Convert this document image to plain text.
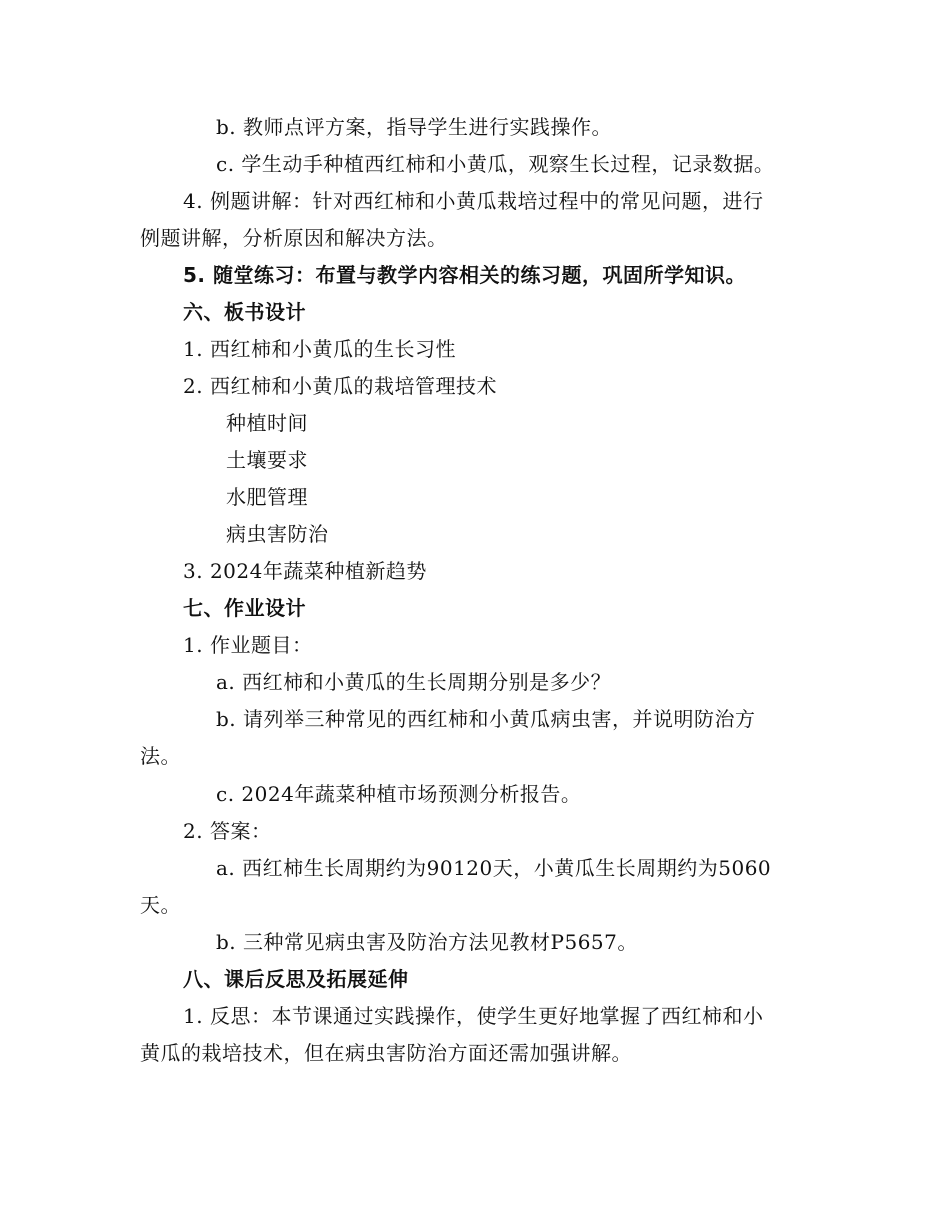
b. 教师点评方案，指导学生进行实践操作。
c. 学生动手种植西红柿和小黄瓜，观察生长过程，记录数据。
4. 例题讲解：针对西红柿和小黄瓜栽培过程中的常见问题，进行
例题讲解，分析原因和解决方法。
5. 随堂练习：布置与教学内容相关的练习题，巩固所学知识。
六、板书设计
1. 西红柿和小黄瓜的生长习性
2. 西红柿和小黄瓜的栽培管理技术
种植时间
土壤要求
水肥管理
病虫害防治
3. 2024年蔬菜种植新趋势
七、作业设计
1. 作业题目：
a. 西红柿和小黄瓜的生长周期分别是多少？
b. 请列举三种常见的西红柿和小黄瓜病虫害，并说明防治方
法。
c. 2024年蔬菜种植市场预测分析报告。
2. 答案：
a. 西红柿生长周期约为90120天，小黄瓜生长周期约为5060
天。
b. 三种常见病虫害及防治方法见教材P5657。
八、课后反思及拓展延伸
1. 反思：本节课通过实践操作，使学生更好地掌握了西红柿和小
黄瓜的栽培技术，但在病虫害防治方面还需加强讲解。
